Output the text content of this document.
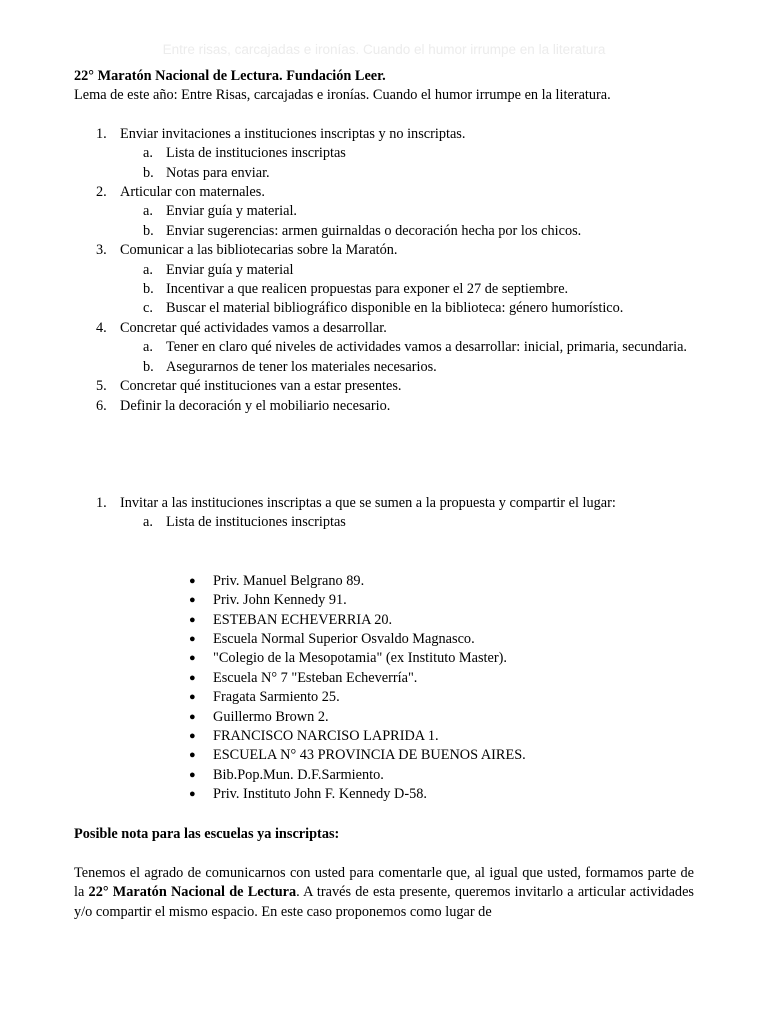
Entre risas, carcajadas e ironías. Cuando el humor irrumpe en la literatura

22° Maratón Nacional de Lectura. Fundación Leer.

Lema de este año: Entre Risas, carcajadas e ironías. Cuando el humor irrumpe en la literatura.

1. Enviar invitaciones a instituciones inscriptas y no inscriptas.
a. Lista de instituciones inscriptas
b. Notas para enviar.
2. Articular con maternales.
a. Enviar guía y material.
b. Enviar sugerencias: armen guirnaldas o decoración hecha por los chicos.
3. Comunicar a las bibliotecarias sobre la Maratón.
a. Enviar guía y material
b. Incentivar a que realicen propuestas para exponer el 27 de septiembre.
c. Buscar el material bibliográfico disponible en la biblioteca: género humorístico.
4. Concretar qué actividades vamos a desarrollar.
a. Tener en claro qué niveles de actividades vamos a desarrollar: inicial, primaria, secundaria.
b. Asegurarnos de tener los materiales necesarios.
5. Concretar qué instituciones van a estar presentes.
6. Definir la decoración y el mobiliario necesario.
1. Invitar a las instituciones inscriptas a que se sumen a la propuesta y compartir el lugar:
a. Lista de instituciones inscriptas
● Priv. Manuel Belgrano 89.
● Priv. John Kennedy 91.
● ESTEBAN ECHEVERRIA 20.
● Escuela Normal Superior Osvaldo Magnasco.
● "Colegio de la Mesopotamia" (ex Instituto Master).
● Escuela N° 7 "Esteban Echeverría".
● Fragata Sarmiento 25.
● Guillermo Brown 2.
● FRANCISCO NARCISO LAPRIDA 1.
● ESCUELA N° 43 PROVINCIA DE BUENOS AIRES.
● Bib.Pop.Mun. D.F.Sarmiento.
● Priv. Instituto John F. Kennedy D-58.

Posible nota para las escuelas ya inscriptas:

Tenemos el agrado de comunicarnos con usted para comentarle que, al igual que usted, formamos parte de la 22° Maratón Nacional de Lectura. A través de esta presente, queremos invitarlo a articular actividades y/o compartir el mismo espacio. En este caso proponemos como lugar de
